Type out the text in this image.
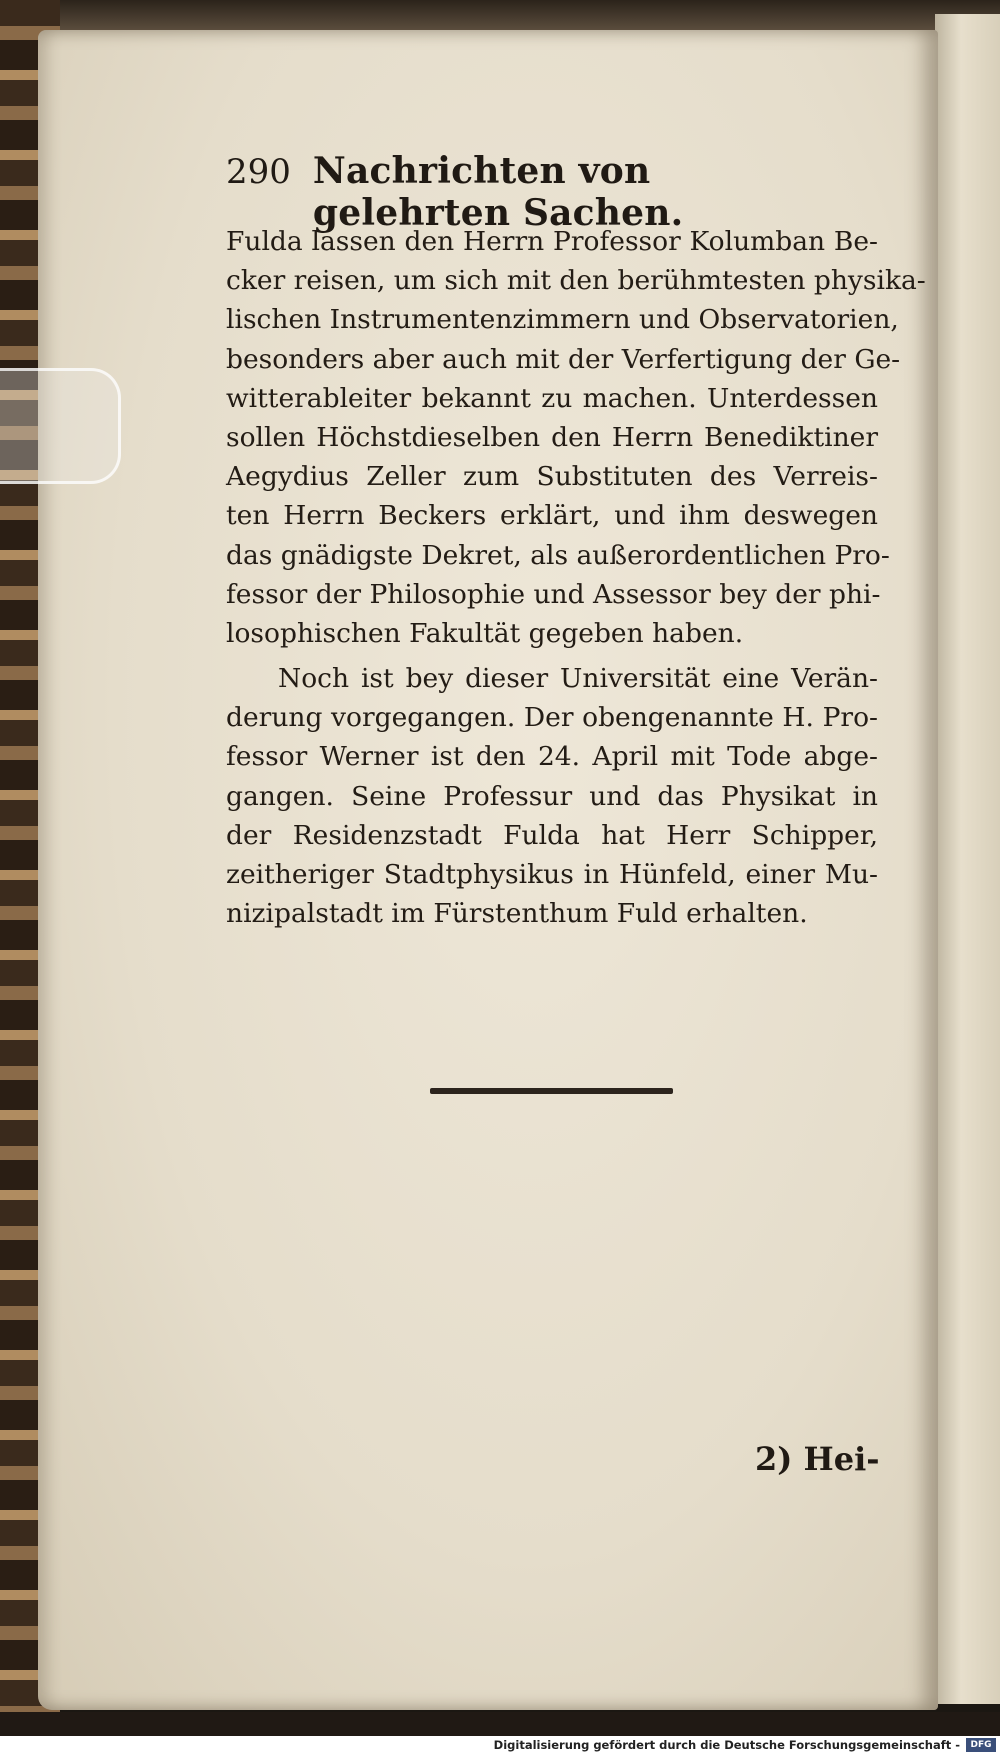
290 Nachrichten von gelehrten Sachen.
Fulda lassen den Herrn Professor Kolumban Be-
cker reisen, um sich mit den berühmtesten physika-
lischen Instrumentenzimmern und Observatorien,
besonders aber auch mit der Verfertigung der Ge-
witterableiter bekannt zu machen. Unterdessen
sollen Höchstdieselben den Herrn Benediktiner
Aegydius Zeller zum Substituten des Verreis-
ten Herrn Beckers erklärt, und ihm deswegen
das gnädigste Dekret, als außerordentlichen Pro-
fessor der Philosophie und Assessor bey der phi-
losophischen Fakultät gegeben haben.
Noch ist bey dieser Universität eine Verän-
derung vorgegangen. Der obengenannte H. Pro-
fessor Werner ist den 24. April mit Tode abge-
gangen. Seine Professur und das Physikat in
der Residenzstadt Fulda hat Herr Schipper,
zeitheriger Stadtphysikus in Hünfeld, einer Mu-
nizipalstadt im Fürstenthum Fuld erhalten.
2) Hei-
Digitalisierung gefördert durch die Deutsche Forschungsgemeinschaft -	DFG
